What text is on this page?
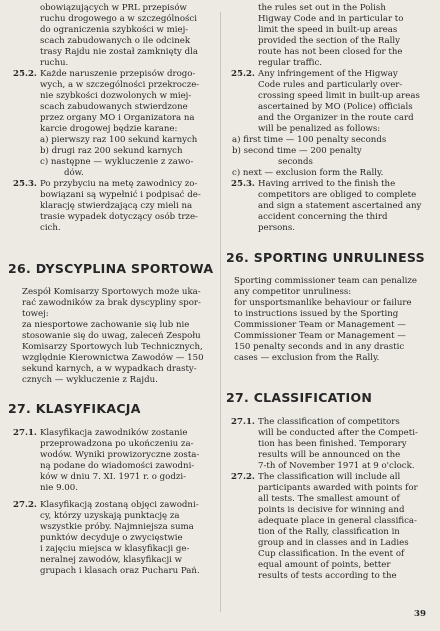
obowiązujących w PRL przepisów

ruchu drogowego a w szczególności

do ograniczenia szybkości w miej-

scach zabudowanych o ile odcinek

trasy Rajdu nie został zamknięty dla

ruchu.

25.2. Każde naruszenie przepisów drogo-

wych, a w szczególności przekrocze-

nie szybkości dozwolonych w miej-

scach zabudowanych stwierdzone

przez organy MO i Organizatora na

karcie drogowej będzie karane:

a) pierwszy raz 100 sekund karnych

b) drugi raz 200 sekund karnych

c) następne — wykluczenie z zawo-

dów.

25.3. Po przybyciu na metę zawodnicy zo-

bowiązani są wypełnić i podpisać de-

klarację stwierdzającą czy mieli na

trasie wypadek dotyczący osób trze-

cich.

26. DYSCYPLINA SPORTOWA

Zespół Komisarzy Sportowych może uka-

rać zawodników za brak dyscypliny spor-

towej:

za niesportowe zachowanie się lub nie

stosowanie się do uwag, zaleceń Zespołu

Komisarzy Sportowych lub Technicznych,

względnie Kierownictwa Zawodów — 150

sekund karnych, a w wypadkach drasty-

cznych — wykluczenie z Rajdu.

27. KLASYFIKACJA
27.1. Klasyfikacja zawodników zostanie

przeprowadzona po ukończeniu za-

wodów. Wyniki prowizoryczne zosta-

ną podane do wiadomości zawodni-

ków w dniu 7. XI. 1971 r. o godzi-

nie 9.00.

27.2. Klasyfikacją zostaną objęci zawodni-

cy, którzy uzyskają punktację za

wszystkie próby. Najmniejsza suma

punktów decyduje o zwycięstwie

i zajęciu miejsca w klasyfikacji ge-

neralnej zawodów, klasyfikacji w

grupach i klasach oraz Pucharu Pań.

the rules set out in the Polish

Higway Code and in particular to

limit the speed in built-up areas

provided the section of the Rally

route has not been closed for the

regular traffic.

25.2. Any infringement of the Higway

Code rules and particularly over-

crossing speed limit in built-up areas

ascertained by MO (Police) officials

and the Organizer in the route card

will be penalized as follows:

a) first time — 100 penalty seconds

b) second time — 200 penalty

seconds

c) next — exclusion form the Rally.

25.3. Having arrived to the finish the

competitors are obliged to complete

and sign a statement ascertained any

accident concerning the third

persons.

26. SPORTING UNRULINESS

Sporting commissioner team can penalize

any competitor unruliness:

for unsportsmanlike behaviour or failure

to instructions issued by the Sporting

Commissioner Team or Management —

Commissioner Team or Management —

150 penalty seconds and in any drastic

cases — exclusion from the Rally.

27. CLASSIFICATION
27.1. The classification of competitors

will be conducted after the Competi-

tion has been finished. Temporary

results will be announced on the

7-th of November 1971 at 9 o'clock.

27.2. The classification will include all

participants awarded with points for

all tests. The smallest amount of

points is decisive for winning and

adequate place in general classifica-

tion of the Rally, classification in

group and in classes and in Ladies

Cup classification. In the event of

equal amount of points, better

results of tests according to the

39
